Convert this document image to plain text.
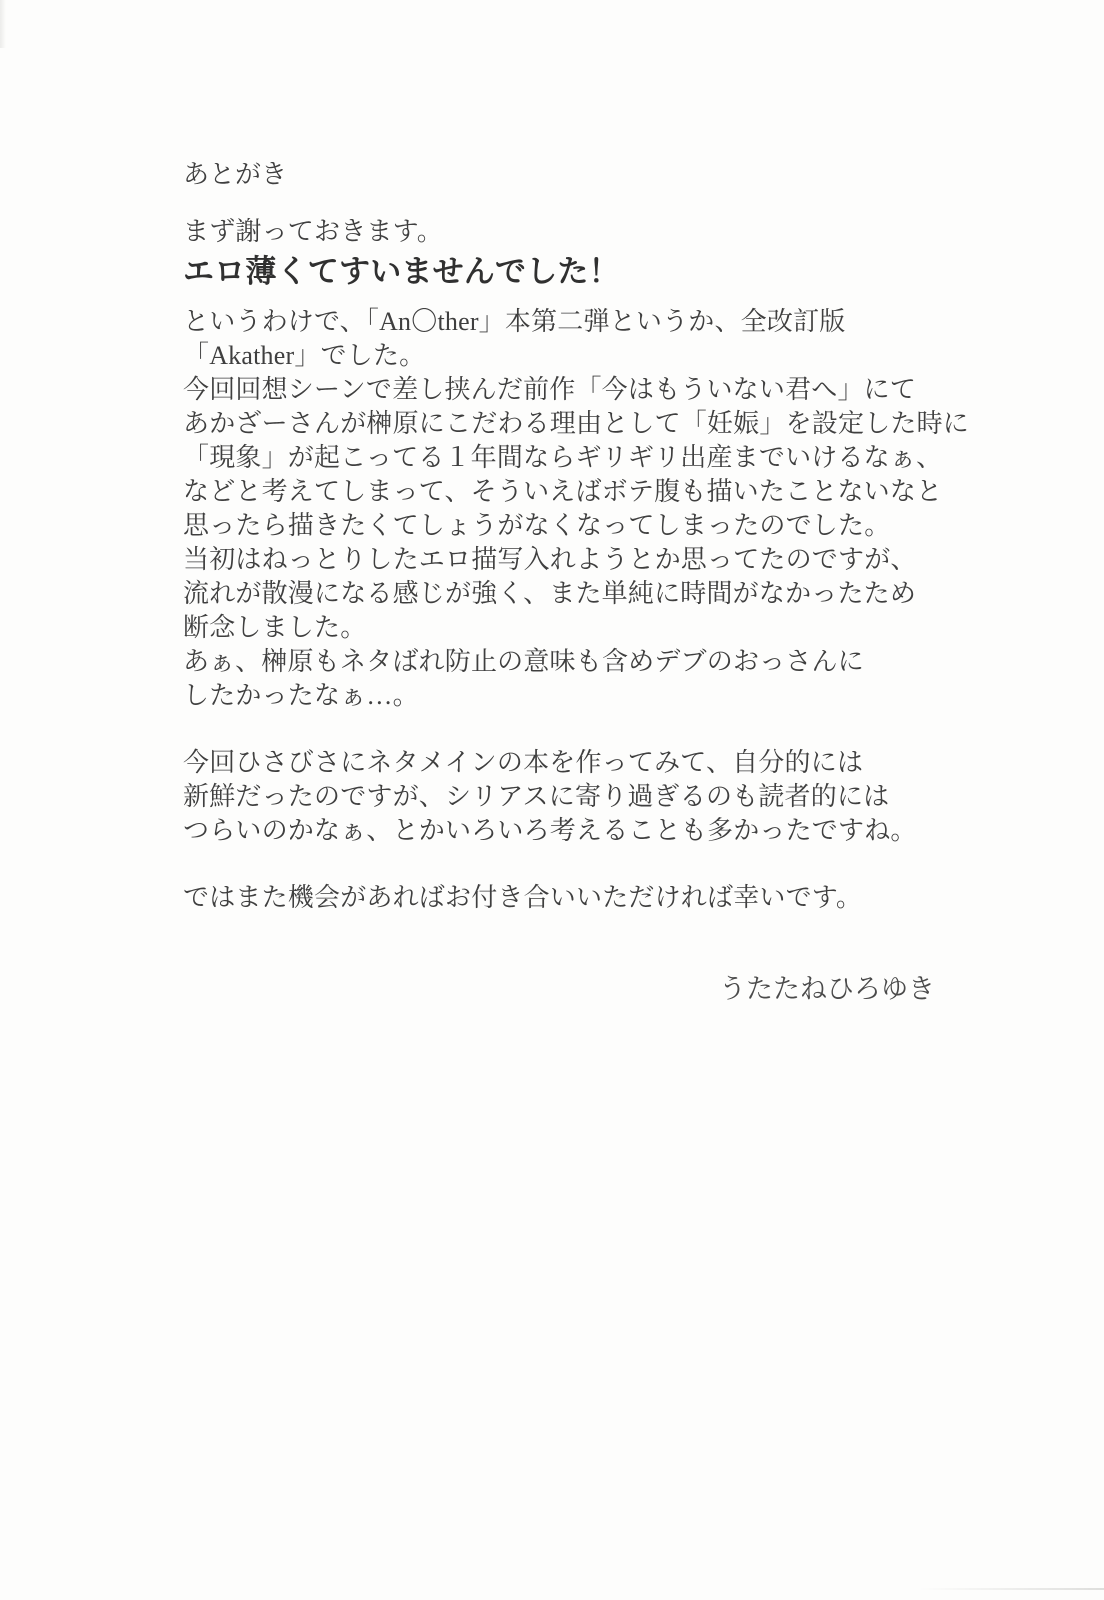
あとがき
まず謝っておきます。
エロ薄くてすいませんでした！
というわけで、「An〇ther」本第二弾というか、全改訂版
「Akather」でした。
今回回想シーンで差し挟んだ前作「今はもういない君へ」にて
あかざーさんが榊原にこだわる理由として「妊娠」を設定した時に
「現象」が起こってる１年間ならギリギリ出産までいけるなぁ、
などと考えてしまって、そういえばボテ腹も描いたことないなと
思ったら描きたくてしょうがなくなってしまったのでした。
当初はねっとりしたエロ描写入れようとか思ってたのですが、
流れが散漫になる感じが強く、また単純に時間がなかったため
断念しました。
あぁ、榊原もネタばれ防止の意味も含めデブのおっさんに
したかったなぁ…。
今回ひさびさにネタメインの本を作ってみて、自分的には
新鮮だったのですが、シリアスに寄り過ぎるのも読者的には
つらいのかなぁ、とかいろいろ考えることも多かったですね。
ではまた機会があればお付き合いいただければ幸いです。
うたたねひろゆき
